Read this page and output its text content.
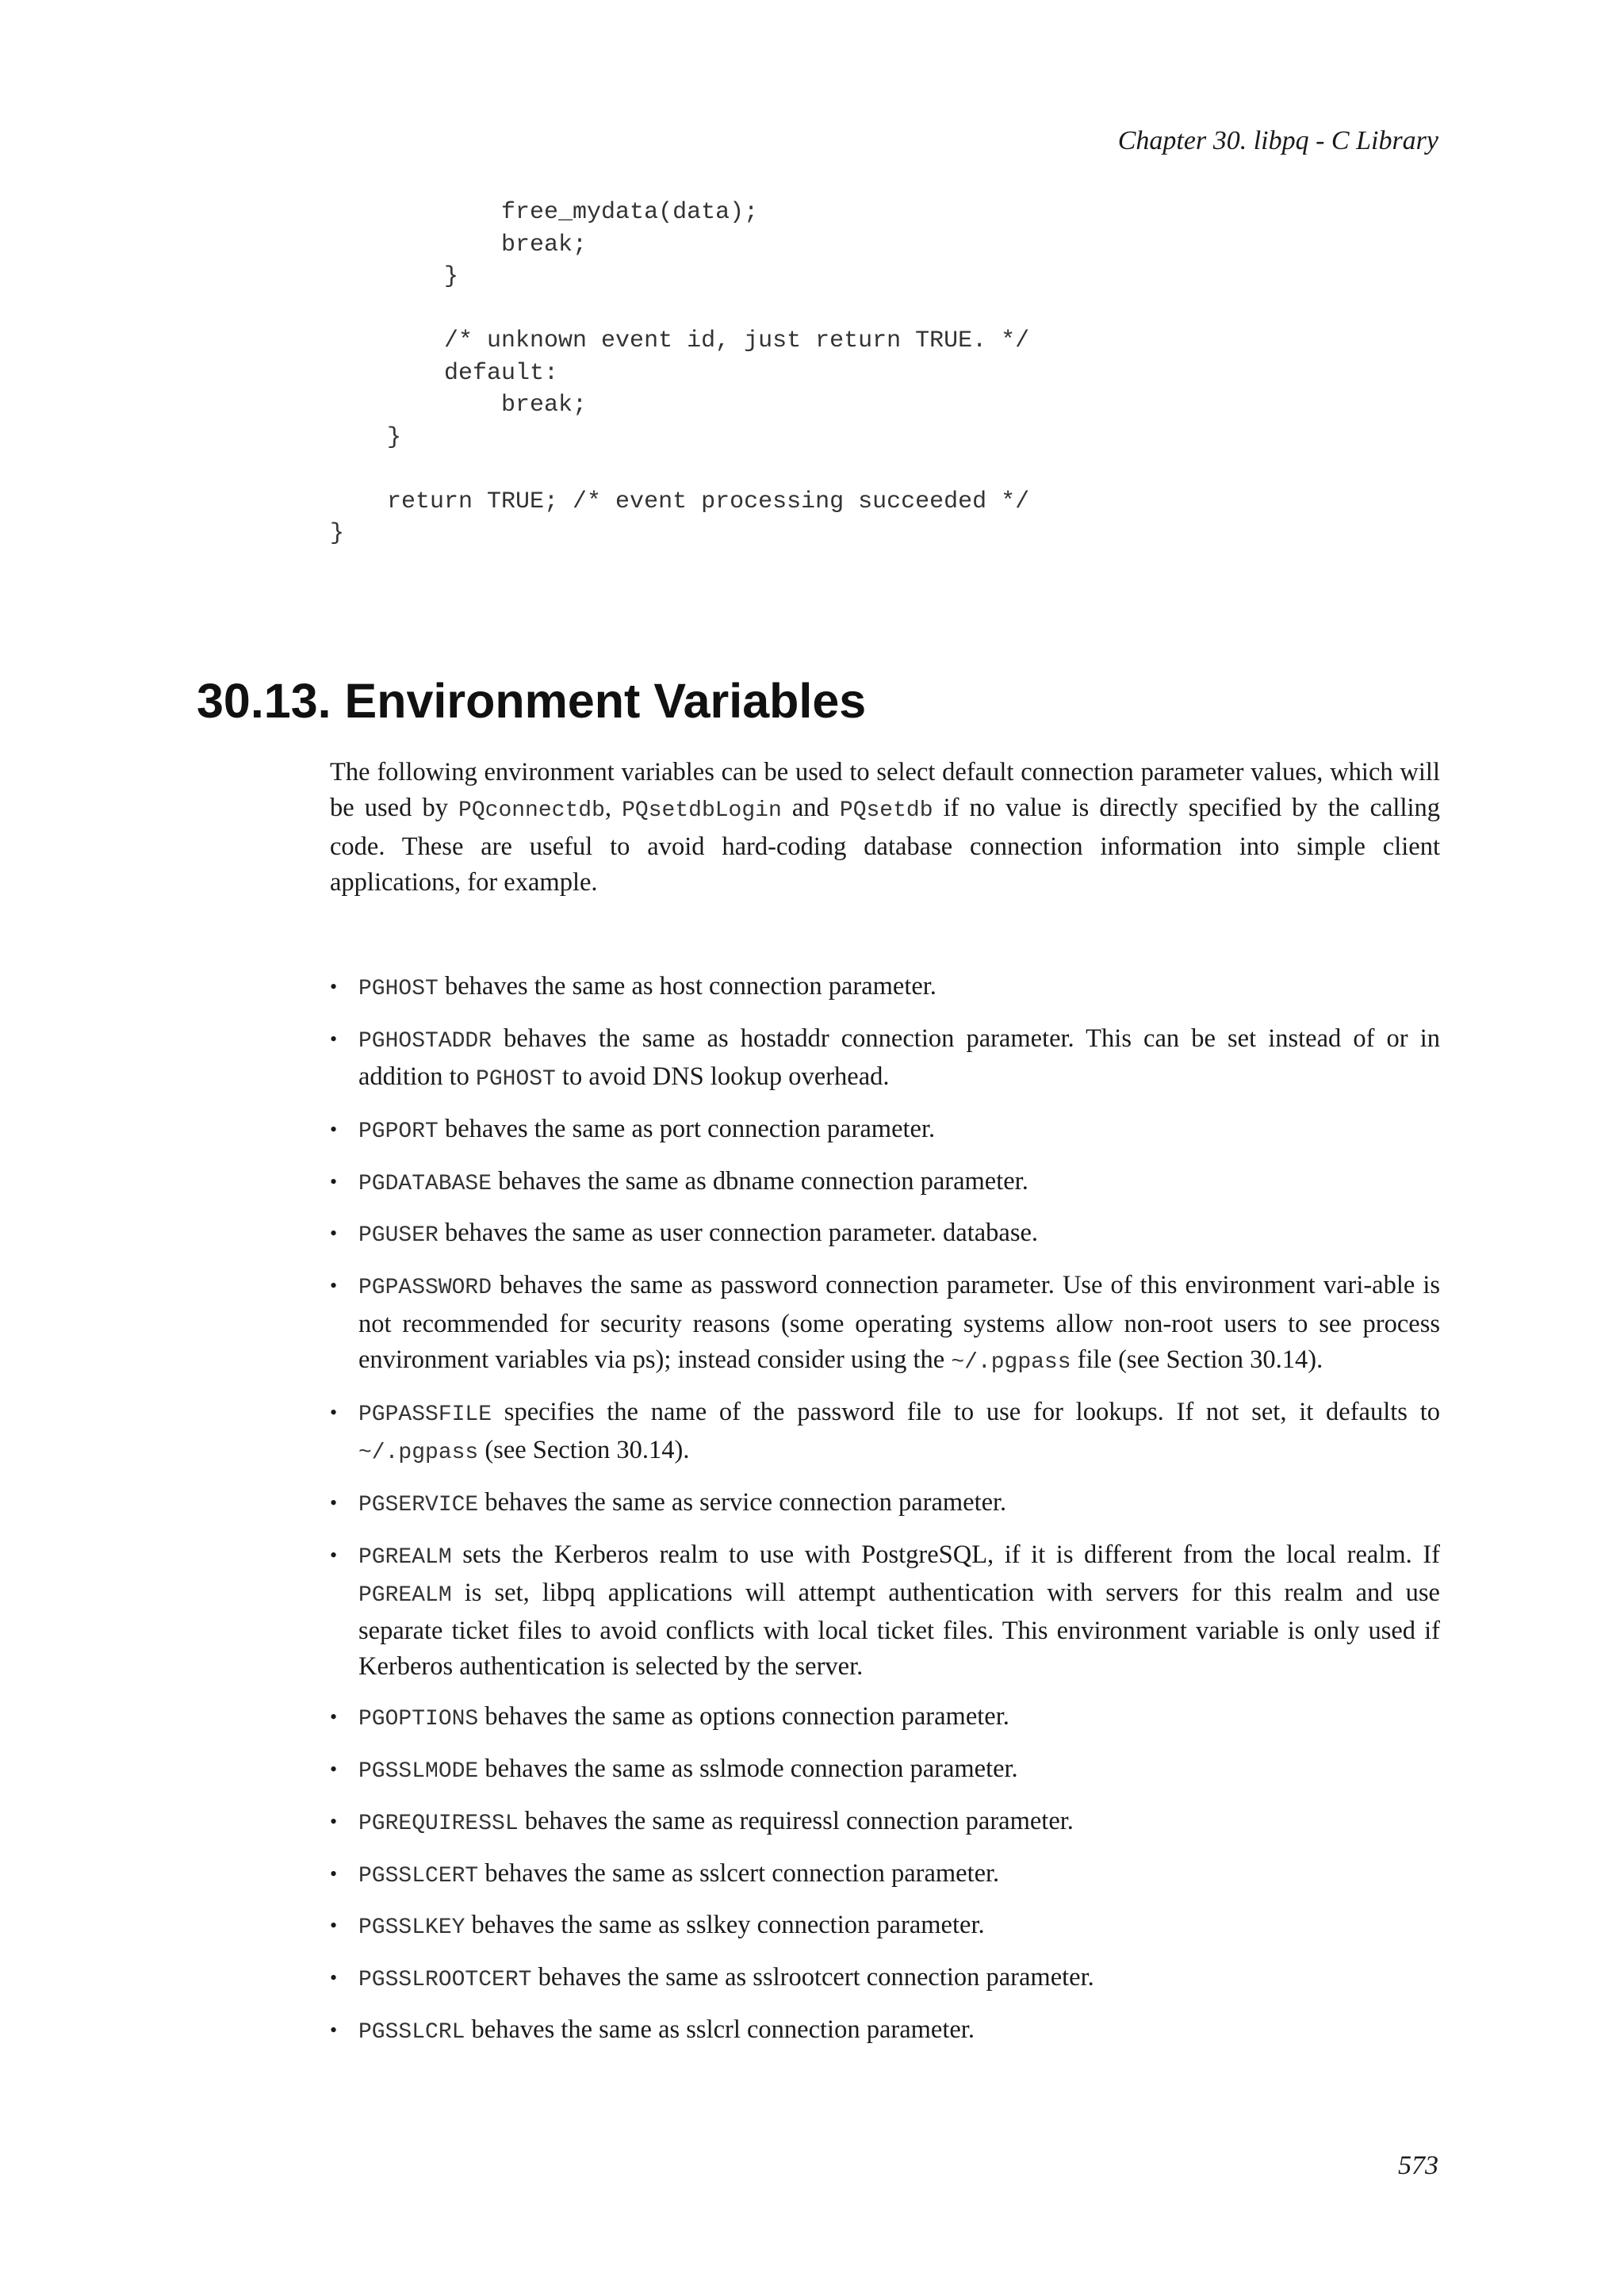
Chapter 30. libpq - C Library
free_mydata(data);
break;
}

/* unknown event id, just return TRUE. */
default:
break;
}

return TRUE; /* event processing succeeded */
}
30.13. Environment Variables

The following environment variables can be used to select default connection parameter values, which will be used by PQconnectdb, PQsetdbLogin and PQsetdb if no value is directly specified by the calling code. These are useful to avoid hard-coding database connection information into simple client applications, for example.

• PGHOST behaves the same as host connection parameter.
• PGHOSTADDR behaves the same as hostaddr connection parameter. This can be set instead of or in addition to PGHOST to avoid DNS lookup overhead.
• PGPORT behaves the same as port connection parameter.
• PGDATABASE behaves the same as dbname connection parameter.
• PGUSER behaves the same as user connection parameter. database.
• PGPASSWORD behaves the same as password connection parameter. Use of this environment vari-able is not recommended for security reasons (some operating systems allow non-root users to see process environment variables via ps); instead consider using the ~/.pgpass file (see Section 30.14).
• PGPASSFILE specifies the name of the password file to use for lookups. If not set, it defaults to ~/.pgpass (see Section 30.14).
• PGSERVICE behaves the same as service connection parameter.
• PGREALM sets the Kerberos realm to use with PostgreSQL, if it is different from the local realm. If PGREALM is set, libpq applications will attempt authentication with servers for this realm and use separate ticket files to avoid conflicts with local ticket files. This environment variable is only used if Kerberos authentication is selected by the server.
• PGOPTIONS behaves the same as options connection parameter.
• PGSSLMODE behaves the same as sslmode connection parameter.
• PGREQUIRESSL behaves the same as requiressl connection parameter.
• PGSSLCERT behaves the same as sslcert connection parameter.
• PGSSLKEY behaves the same as sslkey connection parameter.
• PGSSLROOTCERT behaves the same as sslrootcert connection parameter.
• PGSSLCRL behaves the same as sslcrl connection parameter.
573
